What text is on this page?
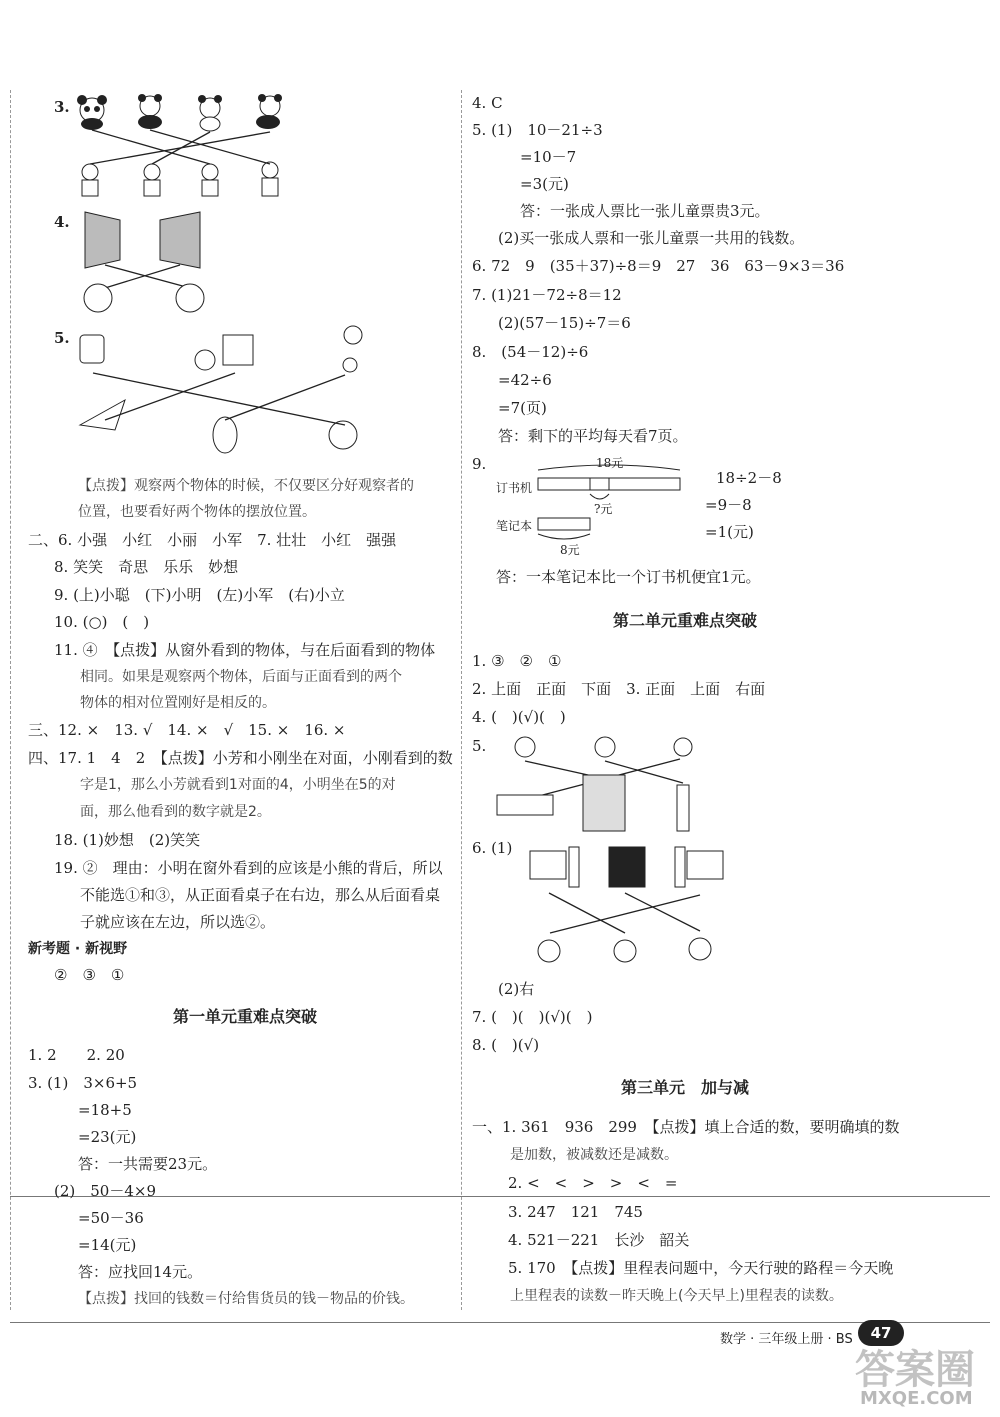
3.
4.
5.
【点拨】观察两个物体的时候，不仅要区分好观察者的
位置，也要看好两个物体的摆放位置。
二、6. 小强　小红　小丽　小军　7. 壮壮　小红　强强
8. 笑笑　奇思　乐乐　妙想
9. (上)小聪　(下)小明　(左)小军　(右)小立
10. (○)　(　)
11. ④　【点拨】从窗外看到的物体，与在后面看到的物体
相同。如果是观察两个物体，后面与正面看到的两个
物体的相对位置刚好是相反的。
三、12. ×　13. √　14. ×　√　15. ×　16. ×
四、17. 1　4　2　【点拨】小芳和小刚坐在对面，小刚看到的数
字是1，那么小芳就看到1对面的4，小明坐在5的对
面，那么他看到的数字就是2。
18. (1)妙想　(2)笑笑
19. ②　理由：小明在窗外看到的应该是小熊的背后，所以
不能选①和③，从正面看桌子在右边，那么从后面看桌
子就应该在左边，所以选②。
新考题 · 新视野
②　③　①
第一单元重难点突破
1. 2　　2. 20
3. (1)　3×6+5
=18+5
=23(元)
答：一共需要23元。
(2)　50－4×9
=50－36
=14(元)
答：应找回14元。
【点拨】找回的钱数＝付给售货员的钱－物品的价钱。
4. C
5. (1)　10－21÷3
=10－7
=3(元)
答：一张成人票比一张儿童票贵3元。
(2)买一张成人票和一张儿童票一共用的钱数。
6. 72　9　(35＋37)÷8＝9　27　36　63－9×3＝36
7. (1)21－72÷8＝12
(2)(57－15)÷7＝6
8.　(54－12)÷6
=42÷6
=7(页)
答：剩下的平均每天看7页。
9.	18元
订书机
?元
笔记本
8元
18÷2－8
=9－8
=1(元)
答：一本笔记本比一个订书机便宜1元。
第二单元重难点突破
1. ③　②　①
2. 上面　正面　下面　3. 正面　上面　右面
4. (　)(√)(　)
5.
6. (1)
(2)右
7. (　)(　)(√)(　)
8. (　)(√)
第三单元　加与减
一、1. 361　936　299　【点拨】填上合适的数，要明确填的数
是加数，被减数还是减数。
2. <　<　>　>　<　=
3. 247　121　745
4. 521－221　长沙　韶关
5. 170　【点拨】里程表问题中，今天行驶的路程＝今天晚
上里程表的读数－昨天晚上(今天早上)里程表的读数。
数学 · 三年级上册 · BS	47
答案圈
MXQE.COM
